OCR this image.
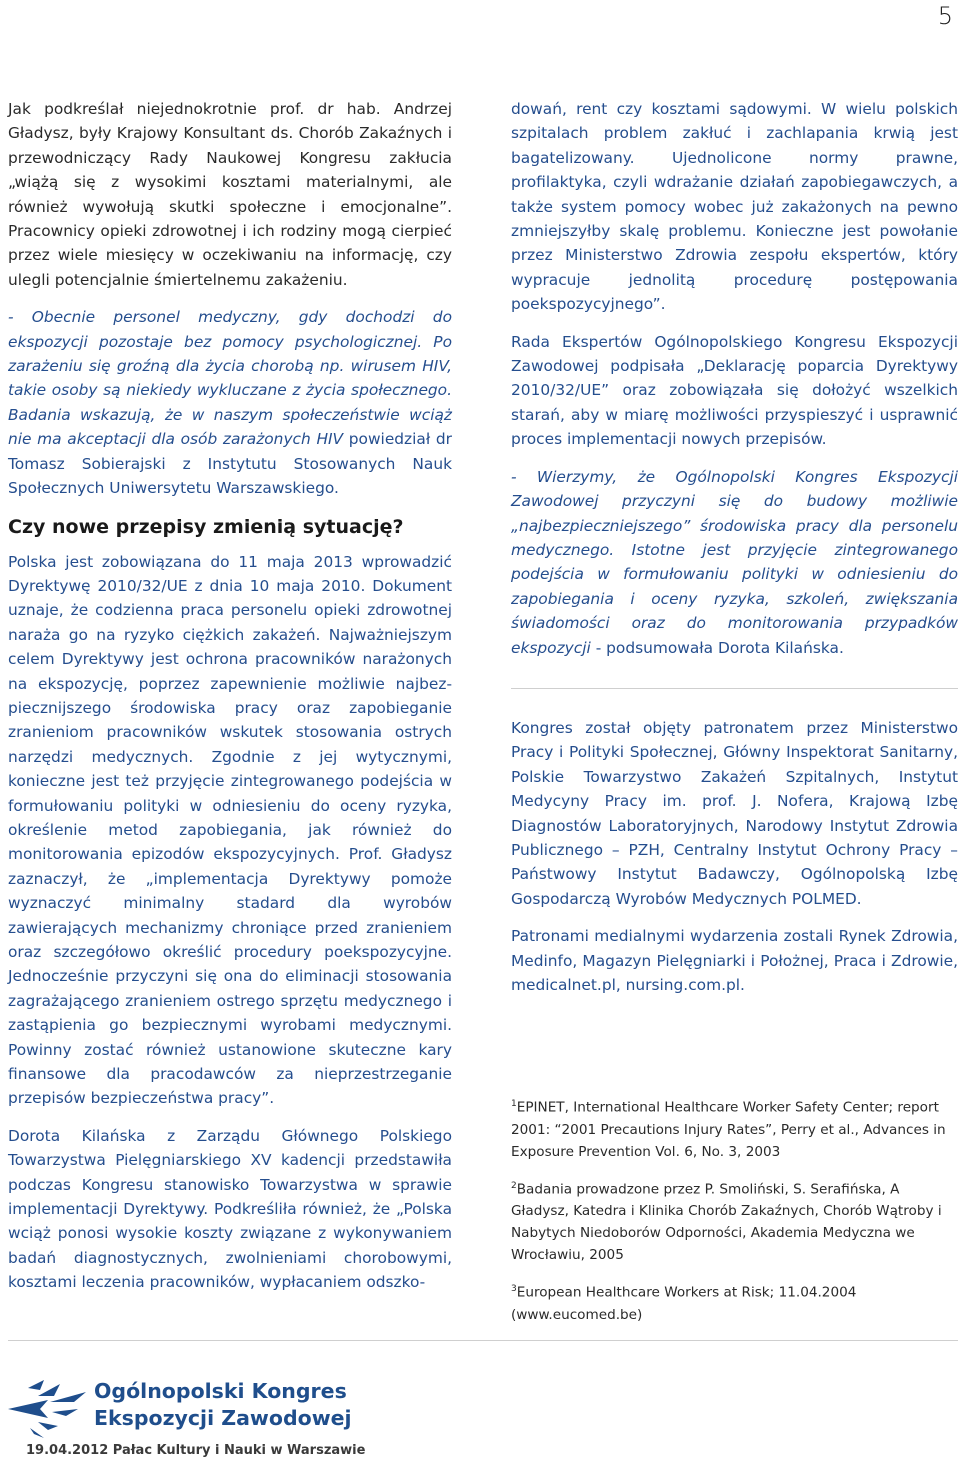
5

Jak podkreślał niejednokrotnie prof. dr hab. Andrzej Gładysz, były Krajowy Konsultant ds. Chorób Zakaźnych i przewodniczący Rady Naukowej Kongresu zakłucia „wiążą się z wysokimi kosztami materialnymi, ale również wywołują skutki społeczne i emocjonalne”. Pracownicy opieki zdrowotnej i ich rodziny mogą cierpieć przez wiele miesięcy w oczekiwaniu na informację, czy ulegli potencjalnie śmiertelnemu zakażeniu.

- Obecnie personel medyczny, gdy dochodzi do ekspozycji pozostaje bez pomocy psychologicznej. Po zarażeniu się groźną dla życia chorobą np. wirusem HIV, takie osoby są niekiedy wykluczane z życia społecznego. Badania wskazują, że w naszym społeczeństwie wciąż nie ma akceptacji dla osób zarażonych HIV powiedział dr Tomasz Sobierajski z Instytutu Stosowanych Nauk Społecznych Uniwersytetu Warszawskiego.

Czy nowe przepisy zmienią sytuację?

Polska jest zobowiązana do 11 maja 2013 wprowadzić Dyrektywę 2010/32/UE z dnia 10 maja 2010. Dokument uznaje, że codzienna praca personelu opieki zdrowotnej naraża go na ryzyko ciężkich zakażeń. Najważniejszym celem Dyrektywy jest ochrona pracowników narażonych na ekspozycję, poprzez zapewnienie możliwie najbez-piecznijszego środowiska pracy oraz zapobieganie zranieniom pracowników wskutek stosowania ostrych narzędzi medycznych. Zgodnie z jej wytycznymi, konieczne jest też przyjęcie zintegrowanego podejścia w formułowaniu polityki w odniesieniu do oceny ryzyka, określenie metod zapobiegania, jak również do monitorowania epizodów ekspozycyjnych. Prof. Gładysz zaznaczył, że „implementacja Dyrektywy pomoże wyznaczyć minimalny stadard dla wyrobów zawierających mechanizmy chroniące przed zranieniem oraz szczegółowo określić procedury poekspozycyjne. Jednocześnie przyczyni się ona do eliminacji stosowania zagrażającego zranieniem ostrego sprzętu medycznego i zastąpienia go bezpiecznymi wyrobami medycznymi. Powinny zostać również ustanowione skuteczne kary finansowe dla pracodawców za nieprzestrzeganie przepisów bezpieczeństwa pracy”.

Dorota Kilańska z Zarządu Głównego Polskiego Towarzystwa Pielęgniarskiego XV kadencji przedstawiła podczas Kongresu stanowisko Towarzystwa w sprawie implementacji Dyrektywy. Podkreśliła również, że „Polska wciąż ponosi wysokie koszty związane z wykonywaniem badań diagnostycznych, zwolnieniami chorobowymi, kosztami leczenia pracowników, wypłacaniem odszko-

dowań, rent czy kosztami sądowymi. W wielu polskich szpitalach problem zakłuć i zachlapania krwią jest bagatelizowany. Ujednolicone normy prawne, profilaktyka, czyli wdrażanie działań zapobiegawczych, a także system pomocy wobec już zakażonych na pewno zmniejszyłby skalę problemu. Konieczne jest powołanie przez Ministerstwo Zdrowia zespołu ekspertów, który wypracuje jednolitą procedurę postępowania poekspozycyjnego”.

Rada Ekspertów Ogólnopolskiego Kongresu Ekspozycji Zawodowej podpisała „Deklarację poparcia Dyrektywy 2010/32/UE” oraz zobowiązała się dołożyć wszelkich starań, aby w miarę możliwości przyspieszyć i usprawnić proces implementacji nowych przepisów.

- Wierzymy, że Ogólnopolski Kongres Ekspozycji Zawodowej przyczyni się do budowy możliwie „najbezpieczniejszego” środowiska pracy dla personelu medycznego. Istotne jest przyjęcie zintegrowanego podejścia w formułowaniu polityki w odniesieniu do zapobiegania i oceny ryzyka, szkoleń, zwiększania świadomości oraz do monitorowania przypadków ekspozycji - podsumowała Dorota Kilańska.

Kongres został objęty patronatem przez Ministerstwo Pracy i Polityki Społecznej, Główny Inspektorat Sanitarny, Polskie Towarzystwo Zakażeń Szpitalnych, Instytut Medycyny Pracy im. prof. J. Nofera, Krajową Izbę Diagnostów Laboratoryjnych, Narodowy Instytut Zdrowia Publicznego – PZH, Centralny Instytut Ochrony Pracy – Państwowy Instytut Badawczy, Ogólnopolską Izbę Gospodarczą Wyrobów Medycznych POLMED.

Patronami medialnymi wydarzenia zostali Rynek Zdrowia, Medinfo, Magazyn Pielęgniarki i Położnej, Praca i Zdrowie, medicalnet.pl, nursing.com.pl.

$^1$EPINET, International Healthcare Worker Safety Center; report 2001: “2001 Precautions Injury Rates”, Perry et al., Advances in Exposure Prevention Vol. 6, No. 3, 2003

$^2$Badania prowadzone przez P. Smoliński, S. Serafińska, A Gładysz, Katedra i Klinika Chorób Zakaźnych, Chorób Wątroby i Nabytych Niedoborów Odporności, Akademia Medyczna we Wrocławiu, 2005

$^3$European Healthcare Workers at Risk; 11.04.2004 (www.eucomed.be)

Ogólnopolski Kongres
Ekspozycji Zawodowej
19.04.2012 Pałac Kultury i Nauki w Warszawie
